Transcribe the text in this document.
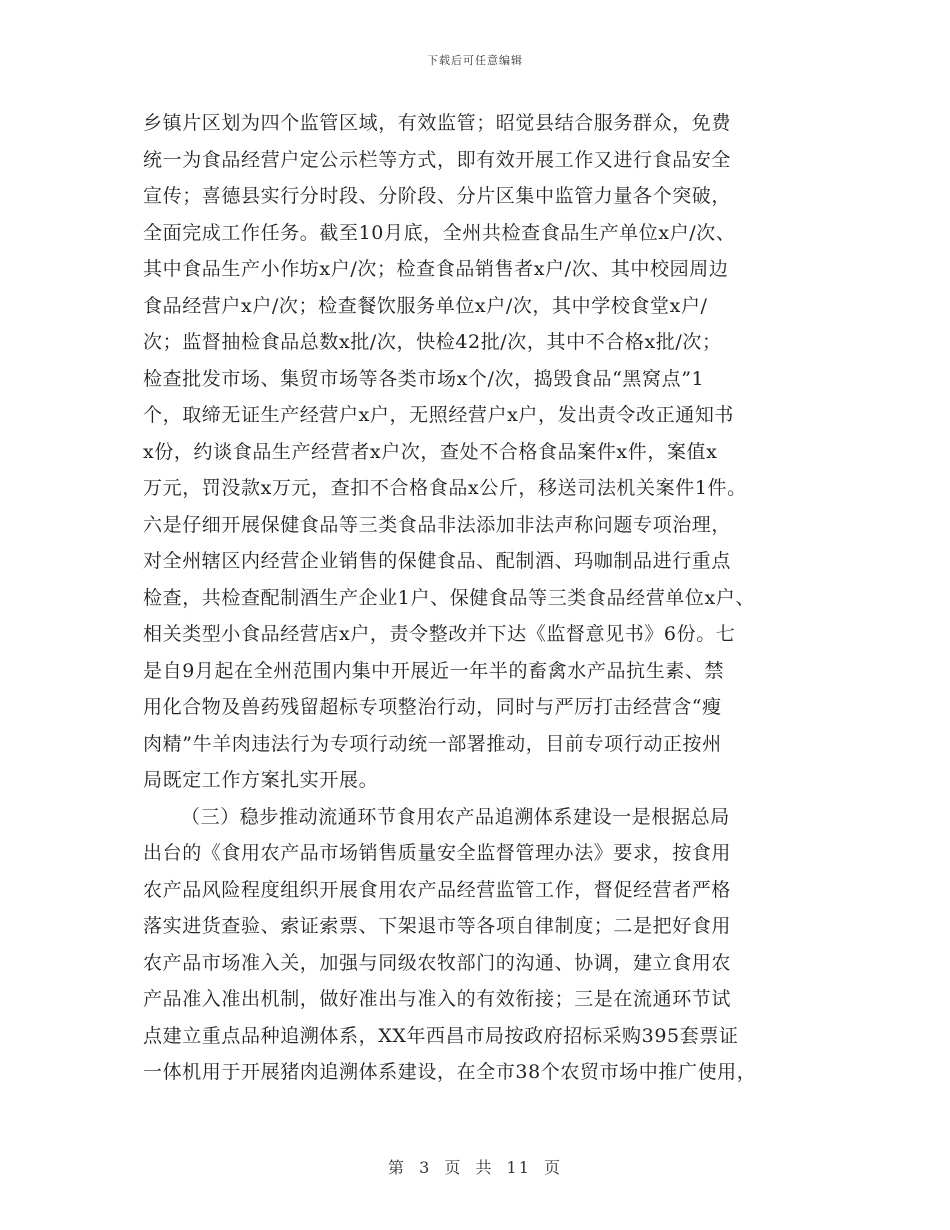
下载后可任意编辑
乡镇片区划为四个监管区域，有效监管；昭觉县结合服务群众，免费
统一为食品经营户定公示栏等方式，即有效开展工作又进行食品安全
宣传；喜德县实行分时段、分阶段、分片区集中监管力量各个突破，
全面完成工作任务。截至10月底，全州共检查食品生产单位x户/次、
其中食品生产小作坊x户/次；检查食品销售者x户/次、其中校园周边
食品经营户x户/次；检查餐饮服务单位x户/次，其中学校食堂x户/
次；监督抽检食品总数x批/次，快检42批/次，其中不合格x批/次；
检查批发市场、集贸市场等各类市场x个/次，捣毁食品“黑窝点”1
个，取缔无证生产经营户x户，无照经营户x户，发出责令改正通知书
x份，约谈食品生产经营者x户次，查处不合格食品案件x件，案值x
万元，罚没款x万元，查扣不合格食品x公斤，移送司法机关案件1件。
六是仔细开展保健食品等三类食品非法添加非法声称问题专项治理，
对全州辖区内经营企业销售的保健食品、配制酒、玛咖制品进行重点
检查，共检查配制酒生产企业1户、保健食品等三类食品经营单位x户、
相关类型小食品经营店x户，责令整改并下达《监督意见书》6份。七
是自9月起在全州范围内集中开展近一年半的畜禽水产品抗生素、禁
用化合物及兽药残留超标专项整治行动，同时与严厉打击经营含“瘦
肉精”牛羊肉违法行为专项行动统一部署推动，目前专项行动正按州
局既定工作方案扎实开展。
（三）稳步推动流通环节食用农产品追溯体系建设一是根据总局
出台的《食用农产品市场销售质量安全监督管理办法》要求，按食用
农产品风险程度组织开展食用农产品经营监管工作，督促经营者严格
落实进货查验、索证索票、下架退市等各项自律制度；二是把好食用
农产品市场准入关，加强与同级农牧部门的沟通、协调，建立食用农
产品准入准出机制，做好准出与准入的有效衔接；三是在流通环节试
点建立重点品种追溯体系，XX年西昌市局按政府招标采购395套票证
一体机用于开展猪肉追溯体系建设，在全市38个农贸市场中推广使用，
第 3 页 共 11 页
